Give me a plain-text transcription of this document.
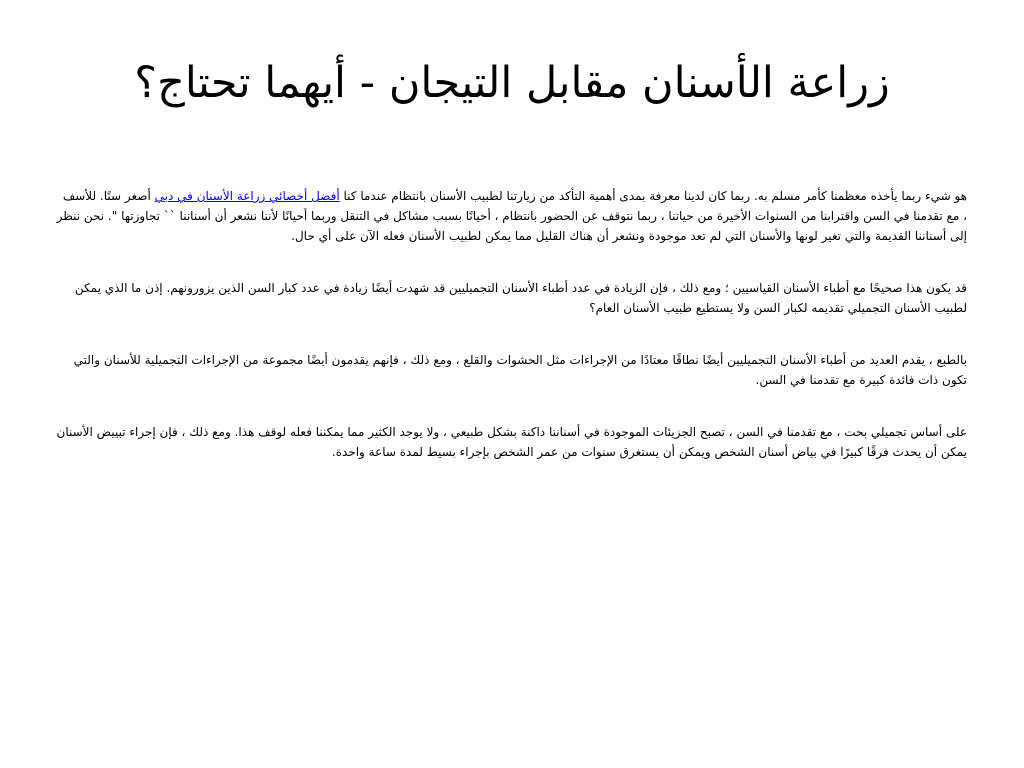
زراعة الأسنان مقابل التيجان - أيهما تحتاج؟

هو شيء ربما يأخذه معظمنا كأمر مسلم به. ربما كان لدينا معرفة بمدى أهمية التأكد من زيارتنا لطبيب الأسنان بانتظام عندما كنا أفضل أخصائي زراعة الأسنان في دبي أصغر سنًا. للأسف ، مع تقدمنا في السن واقترابنا من السنوات الأخيرة من حياتنا ، ربما نتوقف عن الحضور بانتظام ، أحيانًا بسبب مشاكل في التنقل وربما أحيانًا لأننا نشعر أن أسناننا `` تجاوزتها ". نحن ننظر إلى أسناننا القديمة والتي تغير لونها والأسنان التي لم تعد موجودة ونشعر أن هناك القليل مما يمكن لطبيب الأسنان فعله الآن على أي حال.

قد يكون هذا صحيحًا مع أطباء الأسنان القياسيين ؛ ومع ذلك ، فإن الزيادة في عدد أطباء الأسنان التجميليين قد شهدت أيضًا زيادة في عدد كبار السن الذين يزورونهم. إذن ما الذي يمكن لطبيب الأسنان التجميلي تقديمه لكبار السن ولا يستطيع طبيب الأسنان العام؟

بالطبع ، يقدم العديد من أطباء الأسنان التجميليين أيضًا نطاقًا معتادًا من الإجراءات مثل الحشوات والقلع ، ومع ذلك ، فإنهم يقدمون أيضًا مجموعة من الإجراءات التجميلية للأسنان والتي تكون ذات فائدة كبيرة مع تقدمنا في السن.

على أساس تجميلي بحت ، مع تقدمنا في السن ، تصبح الجزيئات الموجودة في أسناننا داكنة بشكل طبيعي ، ولا يوجد الكثير مما يمكننا فعله لوقف هذا. ومع ذلك ، فإن إجراء تبييض الأسنان يمكن أن يحدث فرقًا كبيرًا في بياض أسنان الشخص ويمكن أن يستغرق سنوات من عمر الشخص بإجراء بسيط لمدة ساعة واحدة.
